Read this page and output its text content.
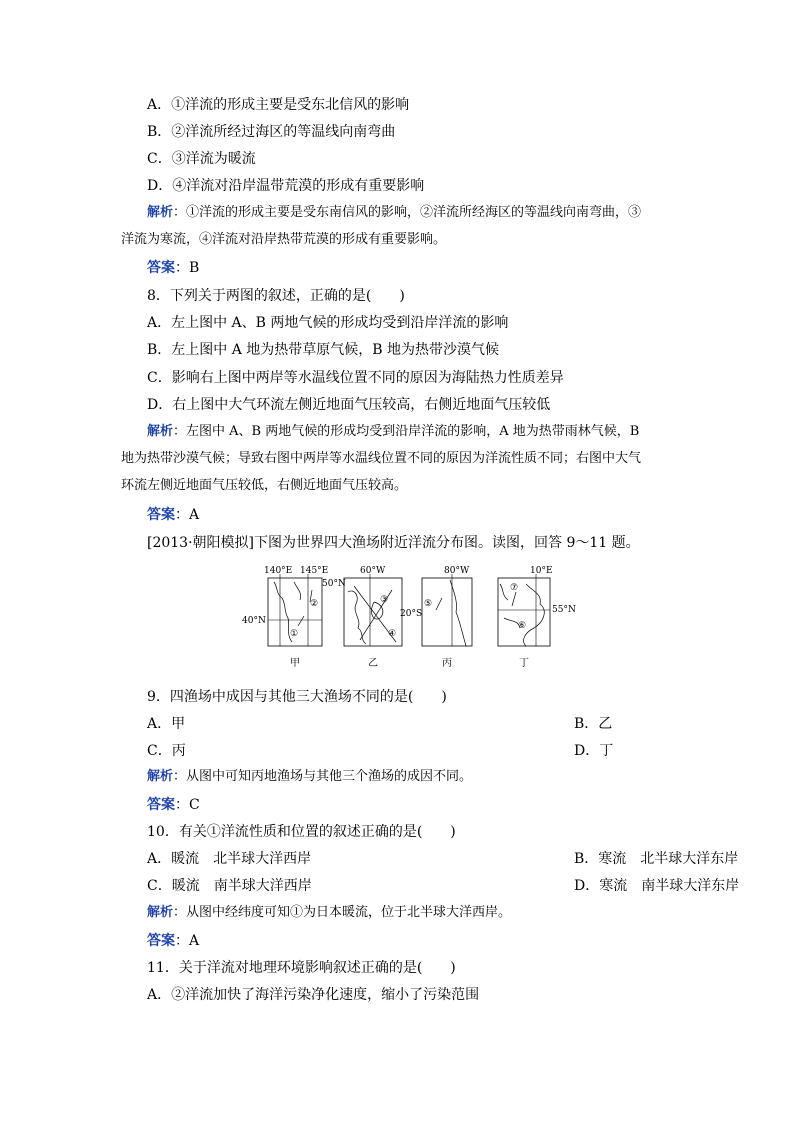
A．①洋流的形成主要是受东北信风的影响
B．②洋流所经过海区的等温线向南弯曲
C．③洋流为暖流
D．④洋流对沿岸温带荒漠的形成有重要影响
解析：①洋流的形成主要是受东南信风的影响，②洋流所经海区的等温线向南弯曲，③
洋流为寒流，④洋流对沿岸热带荒漠的形成有重要影响。
答案：B
8．下列关于两图的叙述，正确的是(　　)
A．左上图中 A、B 两地气候的形成均受到沿岸洋流的影响
B．左上图中 A 地为热带草原气候，B 地为热带沙漠气候
C．影响右上图中两岸等水温线位置不同的原因为海陆热力性质差异
D．右上图中大气环流左侧近地面气压较高，右侧近地面气压较低
解析：左图中 A、B 两地气候的形成均受到沿岸洋流的影响，A 地为热带雨林气候，B
地为热带沙漠气候；导致右图中两岸等水温线位置不同的原因为洋流性质不同；右图中大气
环流左侧近地面气压较低，右侧近地面气压较高。
答案：A
[2013·朝阳模拟]下图为世界四大渔场附近洋流分布图。读图，回答 9～11 题。
140°E 145°E
50°N
40°N
①
②
甲
60°W
③
④
乙
80°W
20°S
⑤
丙
10°E
55°N
⑦
⑥
丁
9．四渔场中成因与其他三大渔场不同的是(　　)
A．甲	B．乙
C．丙	D．丁
解析：从图中可知丙地渔场与其他三个渔场的成因不同。
答案：C
10．有关①洋流性质和位置的叙述正确的是(　　)
A．暖流　北半球大洋西岸	B．寒流　北半球大洋东岸
C．暖流　南半球大洋西岸	D．寒流　南半球大洋东岸
解析：从图中经纬度可知①为日本暖流，位于北半球大洋西岸。
答案：A
11．关于洋流对地理环境影响叙述正确的是(　　)
A．②洋流加快了海洋污染净化速度，缩小了污染范围
